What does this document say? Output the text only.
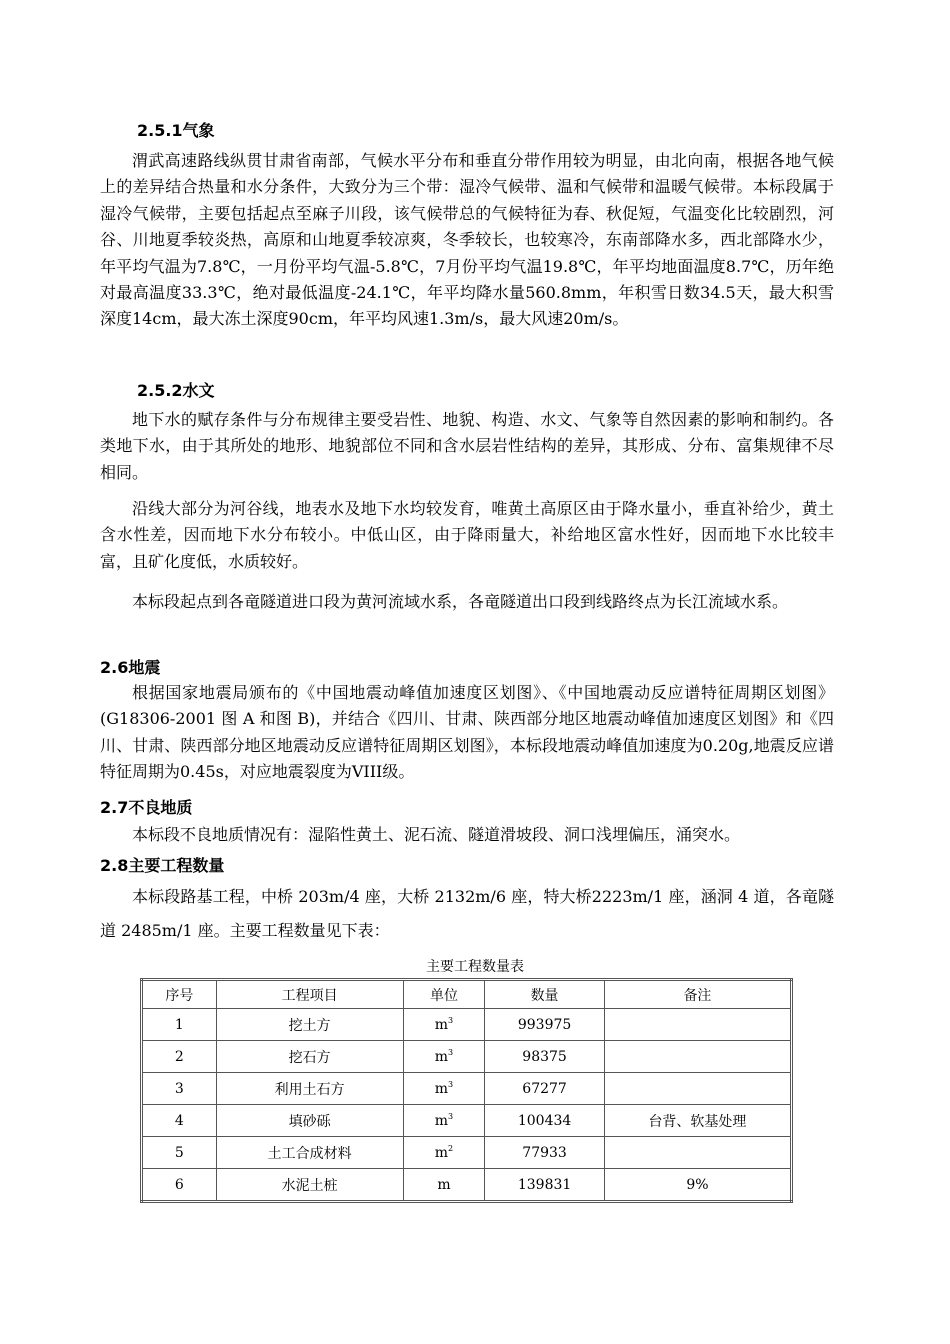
2.5.1气象

渭武高速路线纵贯甘肃省南部，气候水平分布和垂直分带作用较为明显，由北向南，根据各地气候上的差异结合热量和水分条件，大致分为三个带：湿冷气候带、温和气候带和温暖气候带。本标段属于湿冷气候带，主要包括起点至麻子川段，该气候带总的气候特征为春、秋促短，气温变化比较剧烈，河谷、川地夏季较炎热，高原和山地夏季较凉爽，冬季较长，也较寒冷，东南部降水多，西北部降水少，年平均气温为7.8℃，一月份平均气温-5.8℃，7月份平均气温19.8℃，年平均地面温度8.7℃，历年绝对最高温度33.3℃，绝对最低温度-24.1℃，年平均降水量560.8mm，年积雪日数34.5天，最大积雪深度14cm，最大冻土深度90cm，年平均风速1.3m/s，最大风速20m/s。

2.5.2水文

地下水的赋存条件与分布规律主要受岩性、地貌、构造、水文、气象等自然因素的影响和制约。各类地下水，由于其所处的地形、地貌部位不同和含水层岩性结构的差异，其形成、分布、富集规律不尽相同。

沿线大部分为河谷线，地表水及地下水均较发育，唯黄土高原区由于降水量小，垂直补给少，黄土含水性差，因而地下水分布较小。中低山区，由于降雨量大，补给地区富水性好，因而地下水比较丰富，且矿化度低，水质较好。

本标段起点到各竜隧道进口段为黄河流域水系，各竜隧道出口段到线路终点为长江流域水系。

2.6地震

根据国家地震局颁布的《中国地震动峰值加速度区划图》、《中国地震动反应谱特征周期区划图》(G18306-2001 图 A 和图 B)，并结合《四川、甘肃、陕西部分地区地震动峰值加速度区划图》和《四川、甘肃、陕西部分地区地震动反应谱特征周期区划图》，本标段地震动峰值加速度为0.20g,地震反应谱特征周期为0.45s，对应地震裂度为VIII级。

2.7不良地质

本标段不良地质情况有：湿陷性黄土、泥石流、隧道滑坡段、洞口浅埋偏压，涌突水。

2.8主要工程数量

本标段路基工程，中桥 203m/4 座，大桥 2132m/6 座，特大桥2223m/1 座，涵洞 4 道，各竜隧道 2485m/1 座。主要工程数量见下表：

主要工程数量表
序号	工程项目	单位	数量	备注
1	挖土方	$m^3$	993975	
2	挖石方	$m^3$	98375	
3	利用土石方	$m^3$	67277	
4	填砂砾	$m^3$	100434	台背、软基处理
5	土工合成材料	$m^2$	77933	
6	水泥土桩	m	139831	9%
